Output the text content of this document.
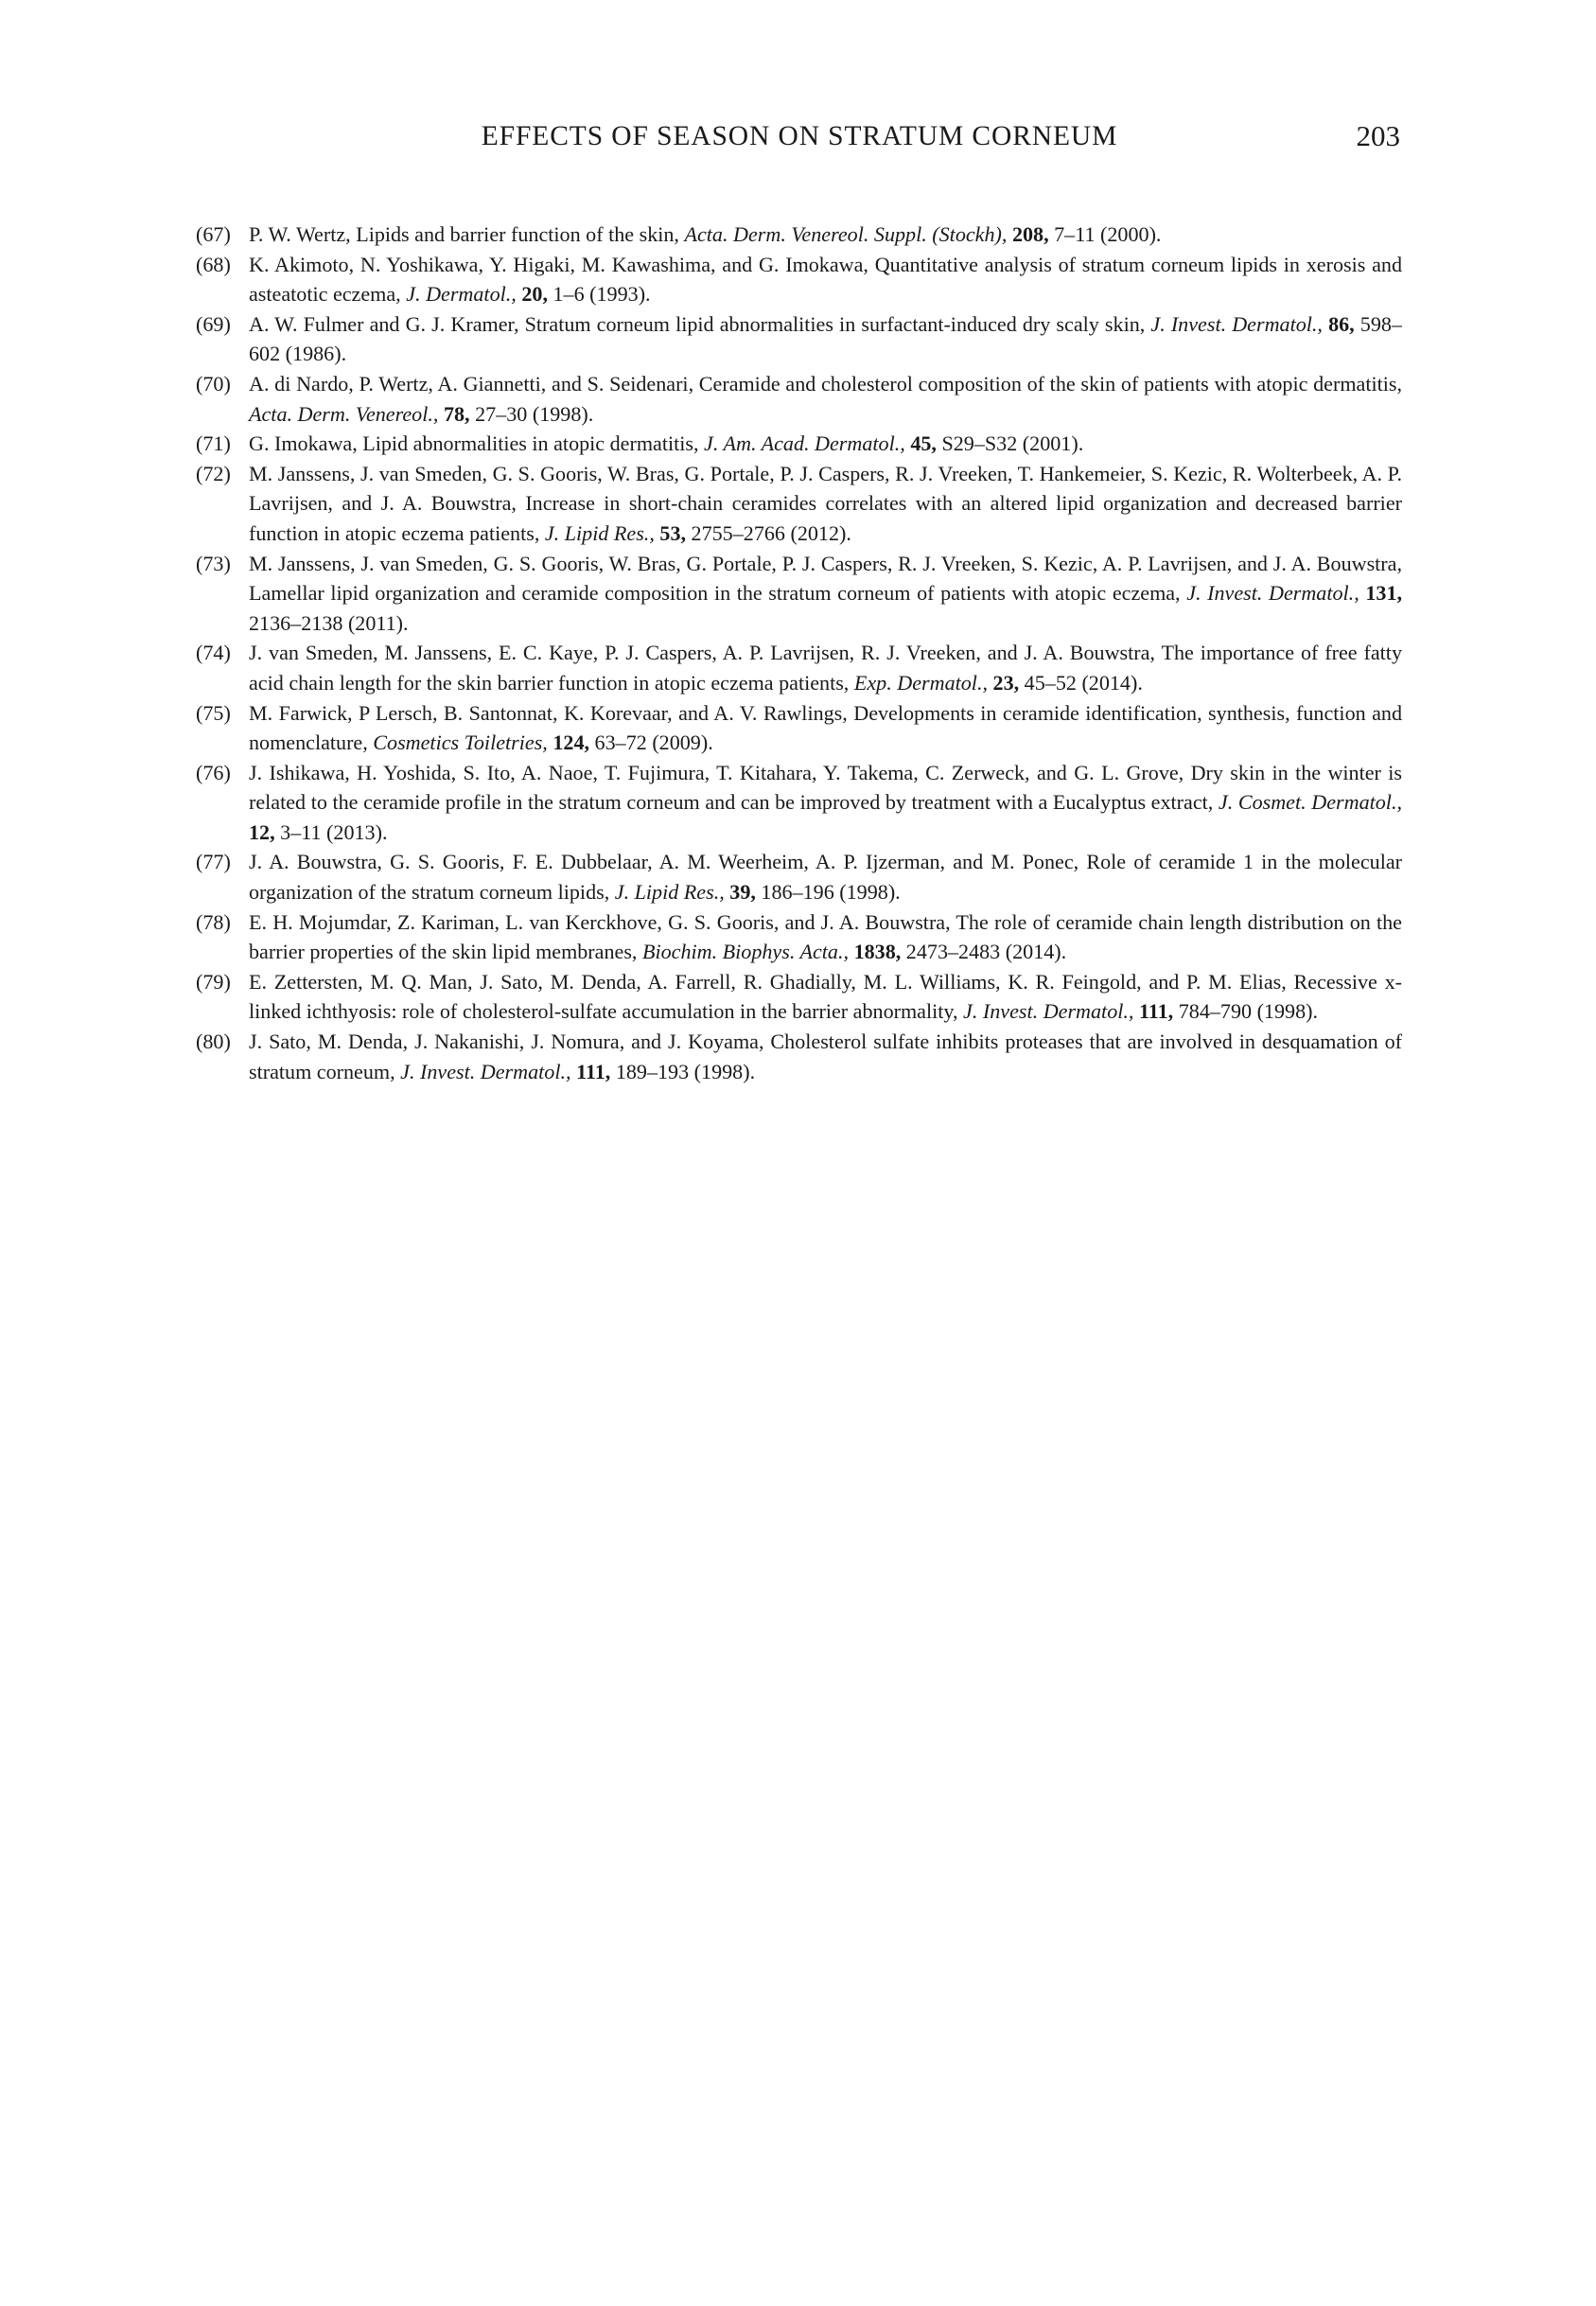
EFFECTS OF SEASON ON STRATUM CORNEUM	203
(67) P. W. Wertz, Lipids and barrier function of the skin, Acta. Derm. Venereol. Suppl. (Stockh), 208, 7–11 (2000).
(68) K. Akimoto, N. Yoshikawa, Y. Higaki, M. Kawashima, and G. Imokawa, Quantitative analysis of stratum corneum lipids in xerosis and asteatotic eczema, J. Dermatol., 20, 1–6 (1993).
(69) A. W. Fulmer and G. J. Kramer, Stratum corneum lipid abnormalities in surfactant-induced dry scaly skin, J. Invest. Dermatol., 86, 598–602 (1986).
(70) A. di Nardo, P. Wertz, A. Giannetti, and S. Seidenari, Ceramide and cholesterol composition of the skin of patients with atopic dermatitis, Acta. Derm. Venereol., 78, 27–30 (1998).
(71) G. Imokawa, Lipid abnormalities in atopic dermatitis, J. Am. Acad. Dermatol., 45, S29–S32 (2001).
(72) M. Janssens, J. van Smeden, G. S. Gooris, W. Bras, G. Portale, P. J. Caspers, R. J. Vreeken, T. Hankemeier, S. Kezic, R. Wolterbeek, A. P. Lavrijsen, and J. A. Bouwstra, Increase in short-chain ceramides correlates with an altered lipid organization and decreased barrier function in atopic eczema patients, J. Lipid Res., 53, 2755–2766 (2012).
(73) M. Janssens, J. van Smeden, G. S. Gooris, W. Bras, G. Portale, P. J. Caspers, R. J. Vreeken, S. Kezic, A. P. Lavrijsen, and J. A. Bouwstra, Lamellar lipid organization and ceramide composition in the stratum corneum of patients with atopic eczema, J. Invest. Dermatol., 131, 2136–2138 (2011).
(74) J. van Smeden, M. Janssens, E. C. Kaye, P. J. Caspers, A. P. Lavrijsen, R. J. Vreeken, and J. A. Bouwstra, The importance of free fatty acid chain length for the skin barrier function in atopic eczema patients, Exp. Dermatol., 23, 45–52 (2014).
(75) M. Farwick, P Lersch, B. Santonnat, K. Korevaar, and A. V. Rawlings, Developments in ceramide identification, synthesis, function and nomenclature, Cosmetics Toiletries, 124, 63–72 (2009).
(76) J. Ishikawa, H. Yoshida, S. Ito, A. Naoe, T. Fujimura, T. Kitahara, Y. Takema, C. Zerweck, and G. L. Grove, Dry skin in the winter is related to the ceramide profile in the stratum corneum and can be improved by treatment with a Eucalyptus extract, J. Cosmet. Dermatol., 12, 3–11 (2013).
(77) J. A. Bouwstra, G. S. Gooris, F. E. Dubbelaar, A. M. Weerheim, A. P. Ijzerman, and M. Ponec, Role of ceramide 1 in the molecular organization of the stratum corneum lipids, J. Lipid Res., 39, 186–196 (1998).
(78) E. H. Mojumdar, Z. Kariman, L. van Kerckhove, G. S. Gooris, and J. A. Bouwstra, The role of ceramide chain length distribution on the barrier properties of the skin lipid membranes, Biochim. Biophys. Acta., 1838, 2473–2483 (2014).
(79) E. Zettersten, M. Q. Man, J. Sato, M. Denda, A. Farrell, R. Ghadially, M. L. Williams, K. R. Feingold, and P. M. Elias, Recessive x-linked ichthyosis: role of cholesterol-sulfate accumulation in the barrier abnormality, J. Invest. Dermatol., 111, 784–790 (1998).
(80) J. Sato, M. Denda, J. Nakanishi, J. Nomura, and J. Koyama, Cholesterol sulfate inhibits proteases that are involved in desquamation of stratum corneum, J. Invest. Dermatol., 111, 189–193 (1998).
